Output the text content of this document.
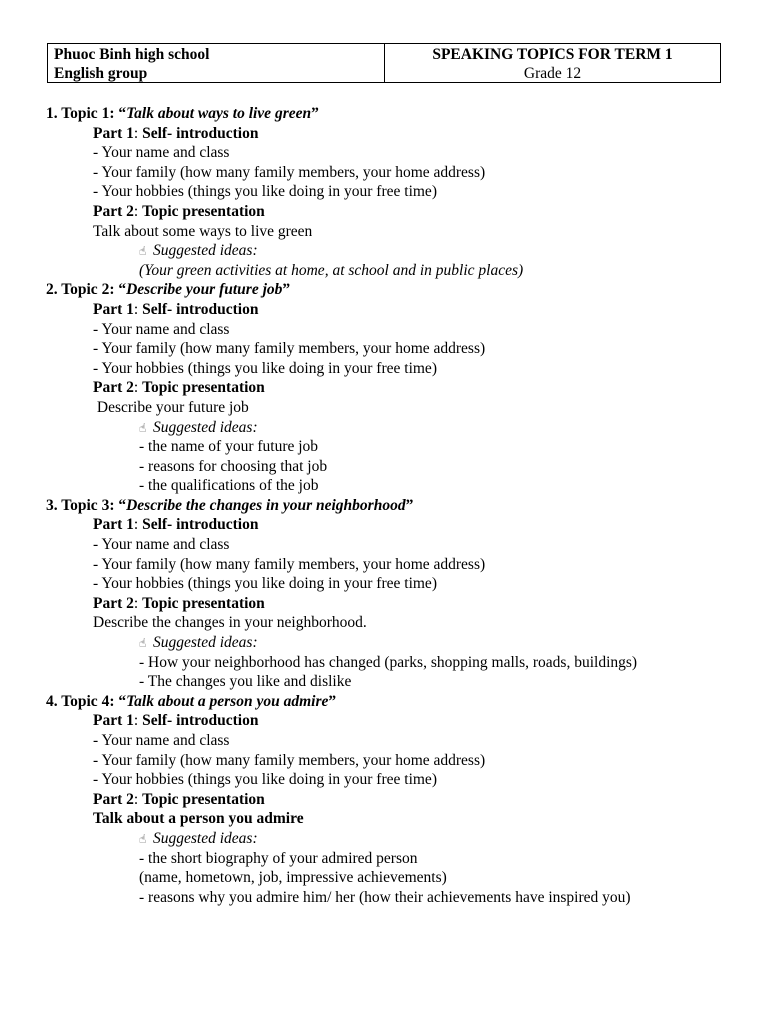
Phuoc Binh high school
English group
SPEAKING TOPICS FOR TERM 1
Grade 12
1. Topic 1: “Talk about ways to live green”
Part 1: Self- introduction
- Your name and class
- Your family (how many family members, your home address)
- Your hobbies (things you like doing in your free time)
Part 2: Topic presentation
Talk about some ways to live green
☝ Suggested ideas:
(Your green activities at home, at school and in public places)
2. Topic 2: “Describe your future job”
Part 1: Self- introduction
- Your name and class
- Your family (how many family members, your home address)
- Your hobbies (things you like doing in your free time)
Part 2: Topic presentation
Describe your future job
☝ Suggested ideas:
- the name of your future job
- reasons for choosing that job
- the qualifications of the job
3. Topic 3: “Describe the changes in your neighborhood”
Part 1: Self- introduction
- Your name and class
- Your family (how many family members, your home address)
- Your hobbies (things you like doing in your free time)
Part 2: Topic presentation
Describe the changes in your neighborhood.
☝ Suggested ideas:
- How your neighborhood has changed (parks, shopping malls, roads, buildings)
- The changes you like and dislike
4. Topic 4: “Talk about a person you admire”
Part 1: Self- introduction
- Your name and class
- Your family (how many family members, your home address)
- Your hobbies (things you like doing in your free time)
Part 2: Topic presentation
Talk about a person you admire
☝ Suggested ideas:
- the short biography of your admired person
(name, hometown, job, impressive achievements)
- reasons why you admire him/ her (how their achievements have inspired you)
